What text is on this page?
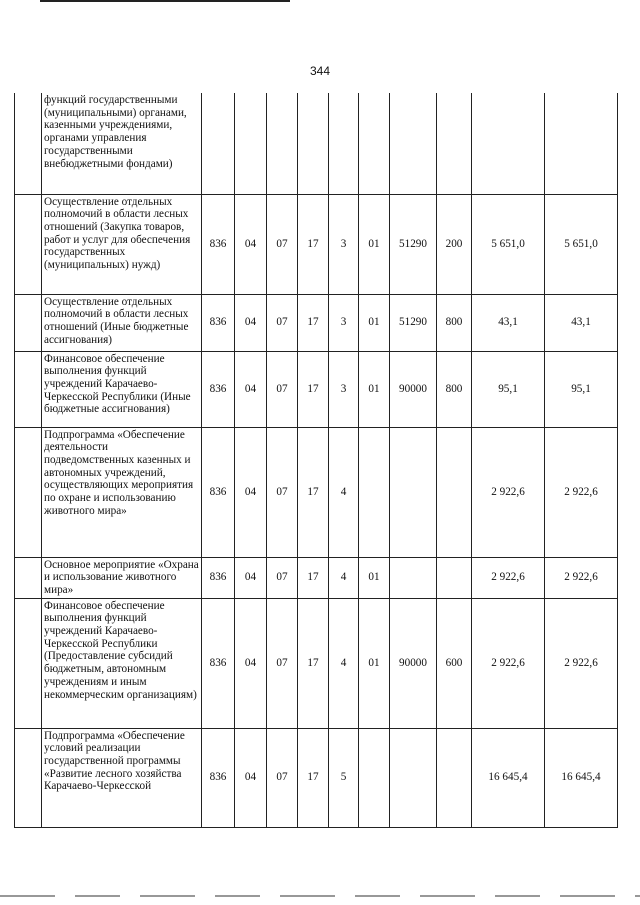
344
	функций государственными (муниципальными) органами, казенными учреждениями, органами управления государственными внебюджетными фондами)										
	Осуществление отдельных полномочий в области лесных отношений (Закупка товаров, работ и услуг для обеспечения государственных (муниципальных) нужд)	836	04	07	17	3	01	51290	200	5 651,0	5 651,0
	Осуществление отдельных полномочий в области лесных отношений (Иные бюджетные ассигнования)	836	04	07	17	3	01	51290	800	43,1	43,1
	Финансовое обеспечение выполнения функций учреждений Карачаево-Черкесской Республики (Иные бюджетные ассигнования)	836	04	07	17	3	01	90000	800	95,1	95,1
	Подпрограмма «Обеспечение деятельности подведомственных казенных и автономных учреждений, осуществляющих мероприятия по охране и использованию животного мира»	836	04	07	17	4				2 922,6	2 922,6
	Основное мероприятие «Охрана и использование животного мира»	836	04	07	17	4	01			2 922,6	2 922,6
	Финансовое обеспечение выполнения функций учреждений Карачаево-Черкесской Республики (Предоставление субсидий бюджетным, автономным учреждениям и иным некоммерческим организациям)	836	04	07	17	4	01	90000	600	2 922,6	2 922,6
	Подпрограмма «Обеспечение условий реализации государственной программы «Развитие лесного хозяйства Карачаево-Черкесской	836	04	07	17	5				16 645,4	16 645,4
